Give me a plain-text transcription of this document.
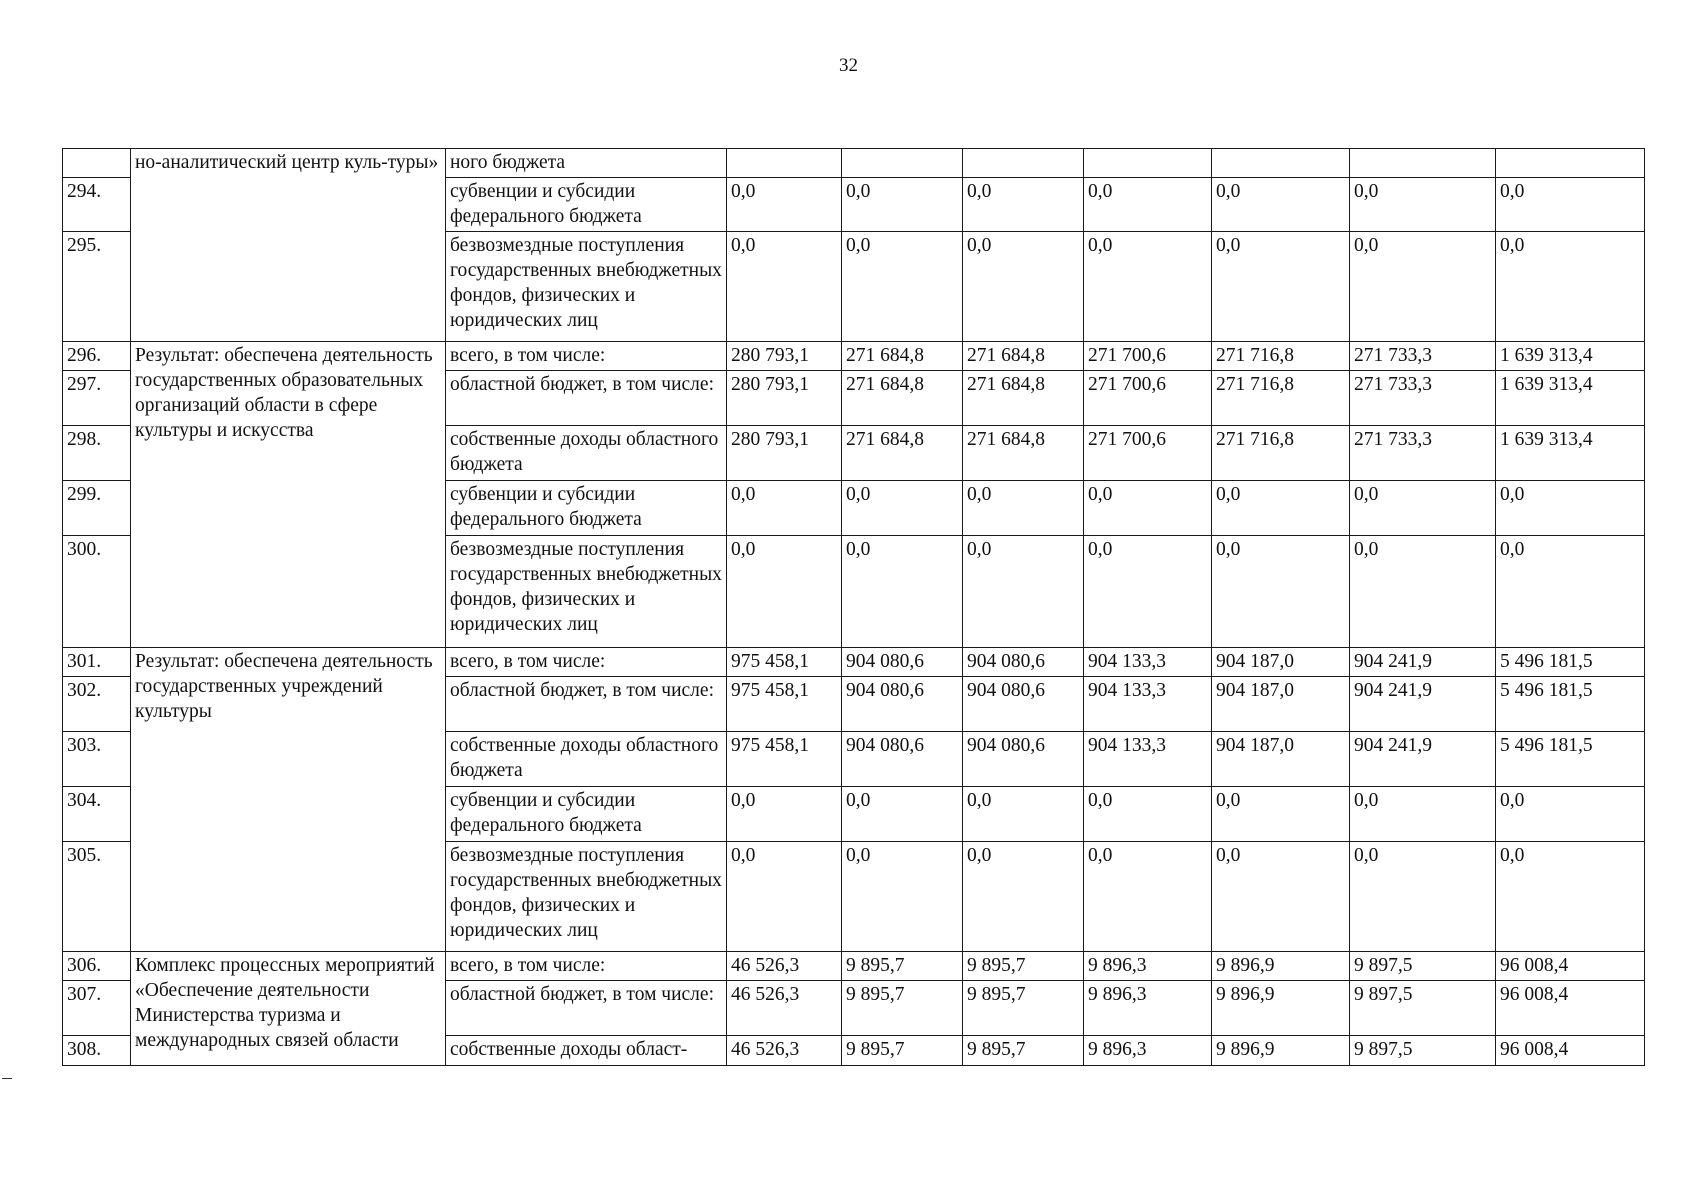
32
	но-аналитический центр куль-туры»	ного бюджета							
294.		субвенции и субсидии федерального бюджета	0,0	0,0	0,0	0,0	0,0	0,0	0,0
295.		безвозмездные поступления государственных внебюджетных фондов, физических и юридических лиц	0,0	0,0	0,0	0,0	0,0	0,0	0,0
296.	Результат: обеспечена деятельность государственных образовательных организаций области в сфере культуры и искусства	всего, в том числе:	280 793,1	271 684,8	271 684,8	271 700,6	271 716,8	271 733,3	1 639 313,4
297.		областной бюджет, в том числе:	280 793,1	271 684,8	271 684,8	271 700,6	271 716,8	271 733,3	1 639 313,4
298.		собственные доходы областного бюджета	280 793,1	271 684,8	271 684,8	271 700,6	271 716,8	271 733,3	1 639 313,4
299.		субвенции и субсидии федерального бюджета	0,0	0,0	0,0	0,0	0,0	0,0	0,0
300.		безвозмездные поступления государственных внебюджетных фондов, физических и юридических лиц	0,0	0,0	0,0	0,0	0,0	0,0	0,0
301.	Результат: обеспечена деятельность государственных учреждений культуры	всего, в том числе:	975 458,1	904 080,6	904 080,6	904 133,3	904 187,0	904 241,9	5 496 181,5
302.		областной бюджет, в том числе:	975 458,1	904 080,6	904 080,6	904 133,3	904 187,0	904 241,9	5 496 181,5
303.		собственные доходы областного бюджета	975 458,1	904 080,6	904 080,6	904 133,3	904 187,0	904 241,9	5 496 181,5
304.		субвенции и субсидии федерального бюджета	0,0	0,0	0,0	0,0	0,0	0,0	0,0
305.		безвозмездные поступления государственных внебюджетных фондов, физических и юридических лиц	0,0	0,0	0,0	0,0	0,0	0,0	0,0
306.	Комплекс процессных мероприятий «Обеспечение деятельности Министерства туризма и международных связей области	всего, в том числе:	46 526,3	9 895,7	9 895,7	9 896,3	9 896,9	9 897,5	96 008,4
307.		областной бюджет, в том числе:	46 526,3	9 895,7	9 895,7	9 896,3	9 896,9	9 897,5	96 008,4
308.		собственные доходы област-	46 526,3	9 895,7	9 895,7	9 896,3	9 896,9	9 897,5	96 008,4
